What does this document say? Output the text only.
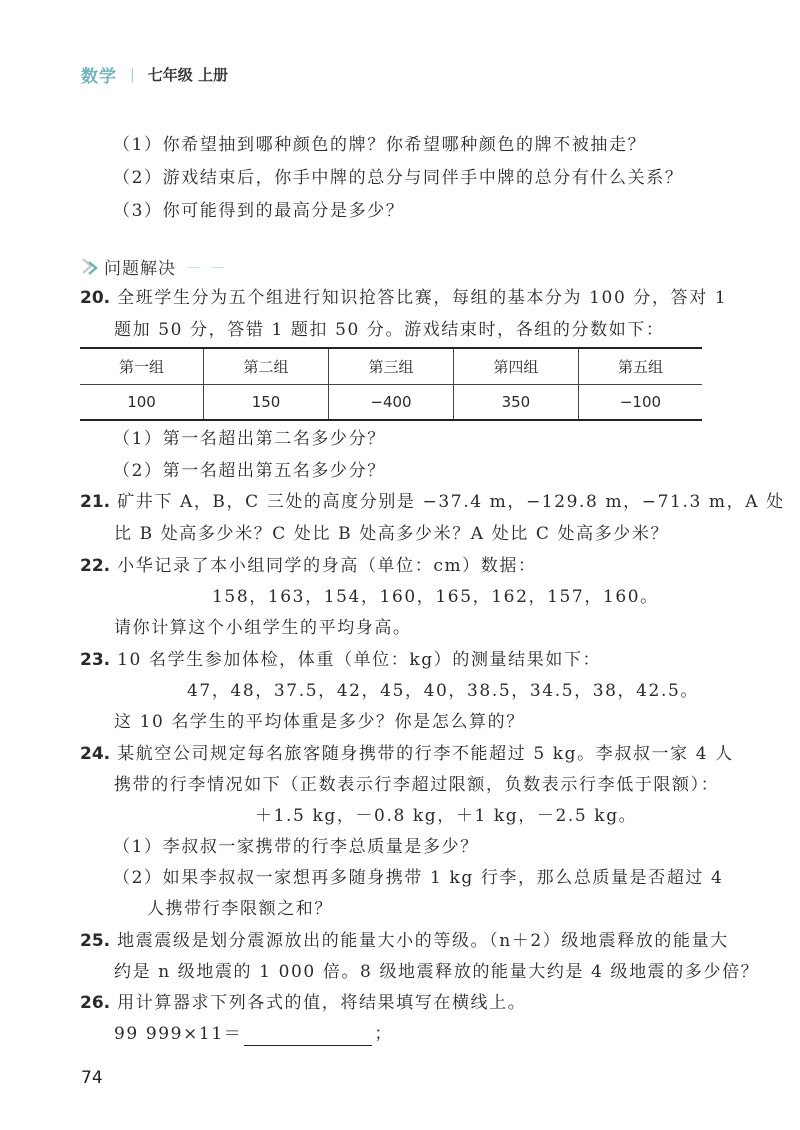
数学 | 七年级 上册
（1）你希望抽到哪种颜色的牌？你希望哪种颜色的牌不被抽走？
（2）游戏结束后，你手中牌的总分与同伴手中牌的总分有什么关系？
（3）你可能得到的最高分是多少？
问题解决 — —
20. 全班学生分为五个组进行知识抢答比赛，每组的基本分为 100 分，答对 1
题加 50 分，答错 1 题扣 50 分。游戏结束时，各组的分数如下：
第一组	第二组	第三组	第四组	第五组
100	150	−400	350	−100
（1）第一名超出第二名多少分？
（2）第一名超出第五名多少分？
21. 矿井下 A，B，C 三处的高度分别是 −37.4 m，−129.8 m，−71.3 m，A 处
比 B 处高多少米？C 处比 B 处高多少米？A 处比 C 处高多少米？
22. 小华记录了本小组同学的身高（单位：cm）数据：
158，163，154，160，165，162，157，160。
请你计算这个小组学生的平均身高。
23. 10 名学生参加体检，体重（单位：kg）的测量结果如下：
47，48，37.5，42，45，40，38.5，34.5，38，42.5。
这 10 名学生的平均体重是多少？你是怎么算的？
24. 某航空公司规定每名旅客随身携带的行李不能超过 5 kg。李叔叔一家 4 人
携带的行李情况如下（正数表示行李超过限额，负数表示行李低于限额）：
＋1.5 kg，－0.8 kg，＋1 kg，－2.5 kg。
（1）李叔叔一家携带的行李总质量是多少？
（2）如果李叔叔一家想再多随身携带 1 kg 行李，那么总质量是否超过 4
人携带行李限额之和？
25. 地震震级是划分震源放出的能量大小的等级。（n＋2）级地震释放的能量大
约是 n 级地震的 1 000 倍。8 级地震释放的能量大约是 4 级地震的多少倍？
26. 用计算器求下列各式的值，将结果填写在横线上。
99 999×11＝	；
74
